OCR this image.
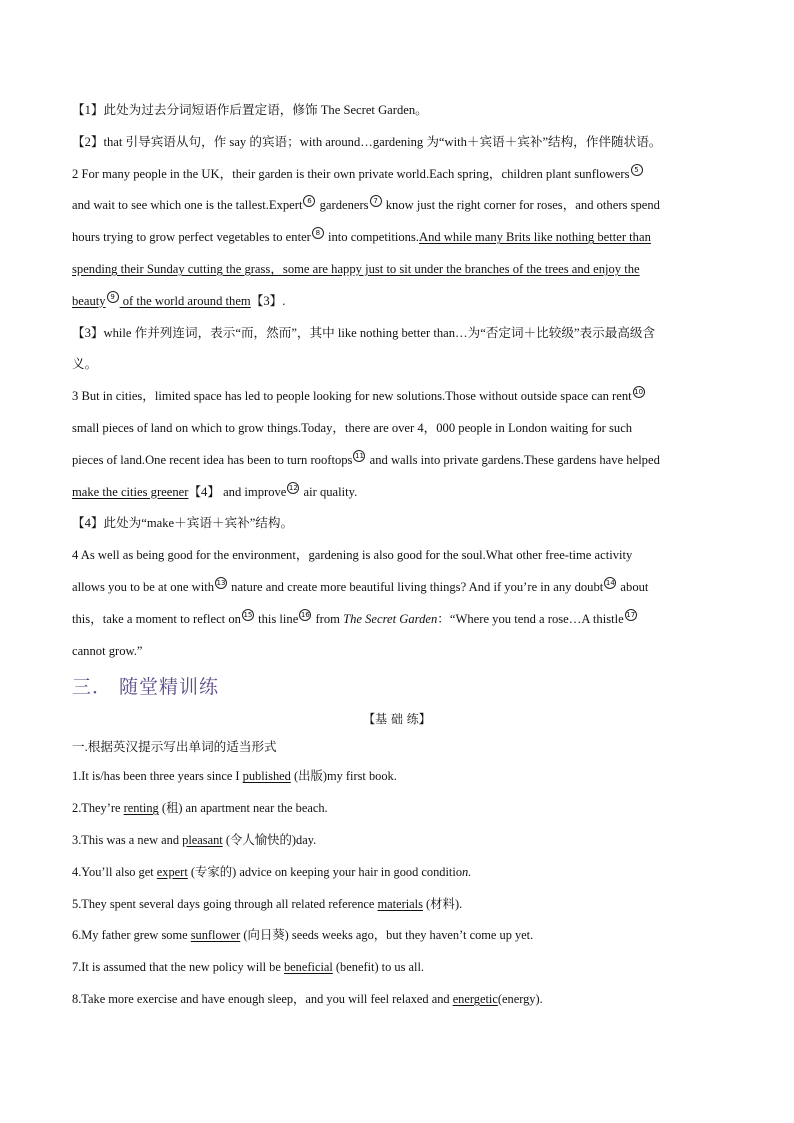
【1】此处为过去分词短语作后置定语，修饰 The Secret Garden。
【2】that 引导宾语从句，作 say 的宾语；with around…gardening 为“with＋宾语＋宾补”结构，作伴随状语。
2 For many people in the UK，their garden is their own private world.Each spring，children plant sunflowers 5
and wait to see which one is the tallest.Expert 6 gardeners 7 know just the right corner for roses，and others spend
hours trying to grow perfect vegetables to enter 8 into competitions.And while many Brits like nothing better than
spending their Sunday cutting the grass，some are happy just to sit under the branches of the trees and enjoy the
beauty 9 of the world around them【3】.
【3】while 作并列连词，表示“而，然而”，其中 like nothing better than…为“否定词＋比较级”表示最高级含
义。
3 But in cities，limited space has led to people looking for new solutions.Those without outside space can rent 10
small pieces of land on which to grow things.Today，there are over 4，000 people in London waiting for such
pieces of land.One recent idea has been to turn rooftops 11 and walls into private gardens.These gardens have helped
make the cities greener【4】 and improve 12 air quality.
【4】此处为“make＋宾语＋宾补”结构。
4 As well as being good for the environment，gardening is also good for the soul.What other free-time activity
allows you to be at one with 13 nature and create more beautiful living things? And if you’re in any doubt 14 about
this，take a moment to reflect on 15 this line 16 from The Secret Garden：“Where you tend a rose…A thistle 17
cannot grow.”
三． 随堂精训练
【基 础 练】
一.根据英汉提示写出单词的适当形式
1.It is/has been three years since I published (出版)my first book.
2.They’re renting (租) an apartment near the beach.
3.This was a new and pleasant (令人愉快的)day.
4.You’ll also get expert (专家的) advice on keeping your hair in good condition.
5.They spent several days going through all related reference materials (材料).
6.My father grew some sunflower (向日葵) seeds weeks ago，but they haven’t come up yet.
7.It is assumed that the new policy will be beneficial (benefit) to us all.
8.Take more exercise and have enough sleep，and you will feel relaxed and energetic(energy).
